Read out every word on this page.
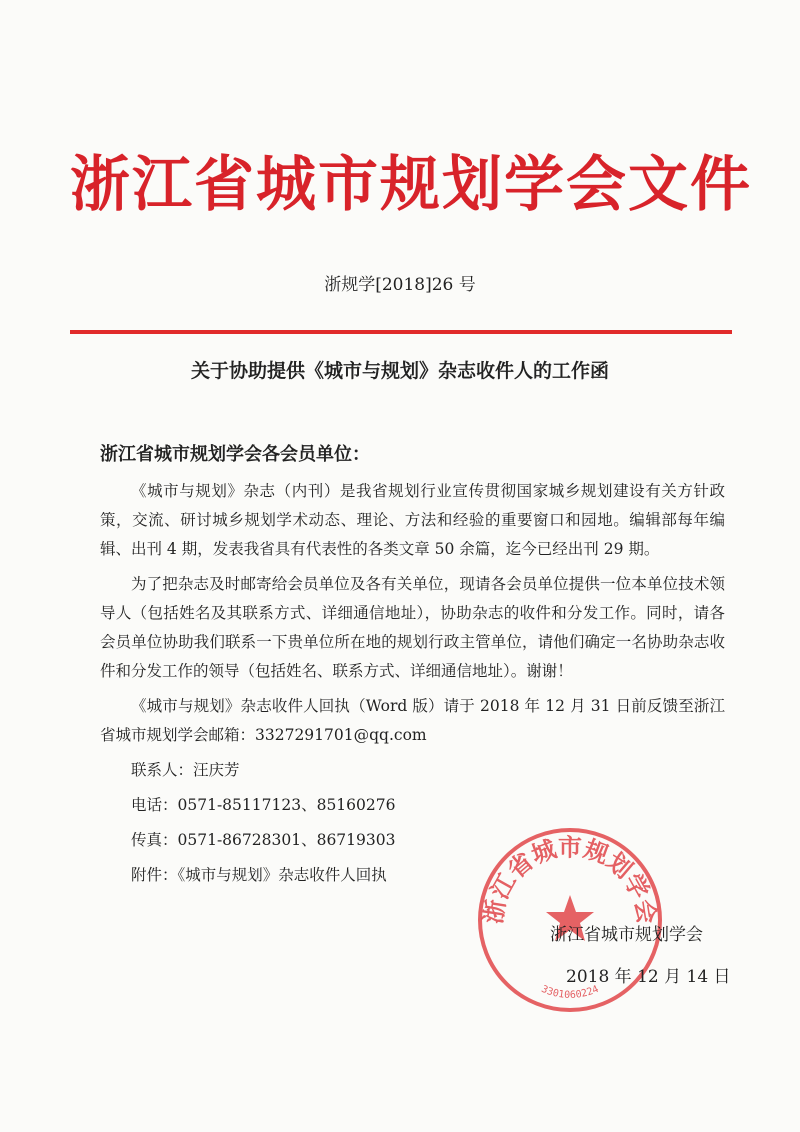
浙江省城市规划学会文件
浙规学[2018]26 号
关于协助提供《城市与规划》杂志收件人的工作函
浙江省城市规划学会各会员单位：

《城市与规划》杂志（内刊）是我省规划行业宣传贯彻国家城乡规划建设有关方针政策，交流、研讨城乡规划学术动态、理论、方法和经验的重要窗口和园地。编辑部每年编辑、出刊 4 期，发表我省具有代表性的各类文章 50 余篇，迄今已经出刊 29 期。

为了把杂志及时邮寄给会员单位及各有关单位，现请各会员单位提供一位本单位技术领导人（包括姓名及其联系方式、详细通信地址），协助杂志的收件和分发工作。同时，请各会员单位协助我们联系一下贵单位所在地的规划行政主管单位，请他们确定一名协助杂志收件和分发工作的领导（包括姓名、联系方式、详细通信地址）。谢谢！

《城市与规划》杂志收件人回执（Word 版）请于 2018 年 12 月 31 日前反馈至浙江省城市规划学会邮箱：3327291701@qq.com

联系人：汪庆芳
电话：0571-85117123、85160276
传真：0571-86728301、86719303
附件：《城市与规划》杂志收件人回执
浙江省城市规划学会
3301060224
浙江省城市规划学会
2018 年 12 月 14 日
